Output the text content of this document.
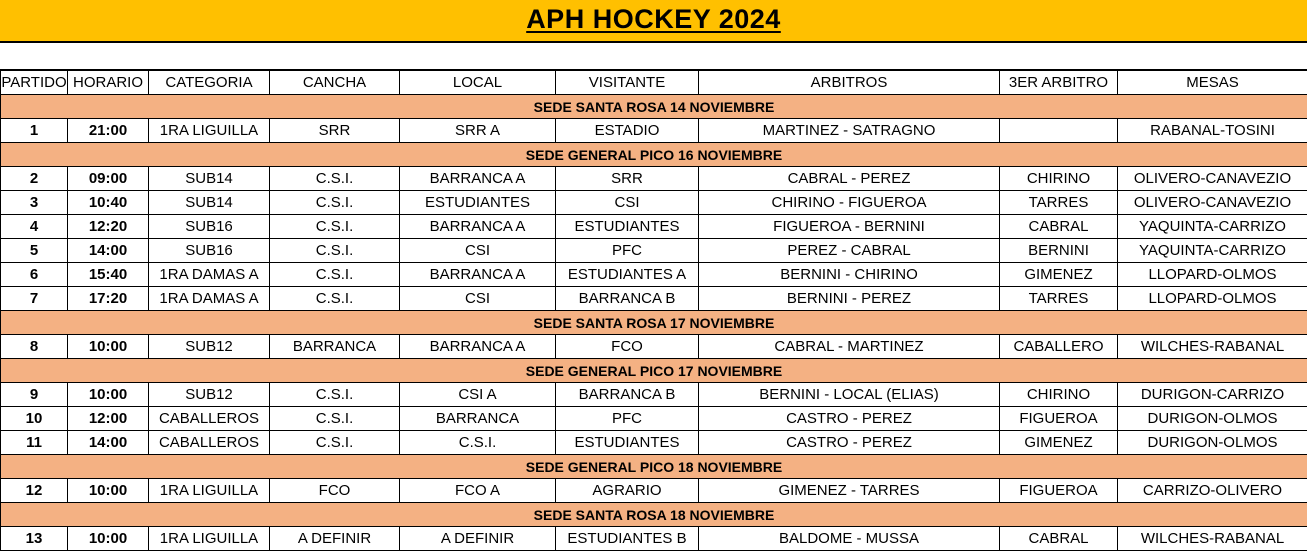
APH HOCKEY 2024
PARTIDO	HORARIO	CATEGORIA	CANCHA	LOCAL	VISITANTE	ARBITROS	3ER ARBITRO	MESAS
SEDE SANTA ROSA 14 NOVIEMBRE								
1	21:00	1RA LIGUILLA	SRR	SRR A	ESTADIO	MARTINEZ - SATRAGNO		RABANAL-TOSINI
SEDE GENERAL PICO 16 NOVIEMBRE								
2	09:00	SUB14	C.S.I.	BARRANCA A	SRR	CABRAL - PEREZ	CHIRINO	OLIVERO-CANAVEZIO
3	10:40	SUB14	C.S.I.	ESTUDIANTES	CSI	CHIRINO - FIGUEROA	TARRES	OLIVERO-CANAVEZIO
4	12:20	SUB16	C.S.I.	BARRANCA A	ESTUDIANTES	FIGUEROA - BERNINI	CABRAL	YAQUINTA-CARRIZO
5	14:00	SUB16	C.S.I.	CSI	PFC	PEREZ - CABRAL	BERNINI	YAQUINTA-CARRIZO
6	15:40	1RA DAMAS A	C.S.I.	BARRANCA A	ESTUDIANTES A	BERNINI - CHIRINO	GIMENEZ	LLOPARD-OLMOS
7	17:20	1RA DAMAS A	C.S.I.	CSI	BARRANCA B	BERNINI - PEREZ	TARRES	LLOPARD-OLMOS
SEDE SANTA ROSA 17 NOVIEMBRE								
8	10:00	SUB12	BARRANCA	BARRANCA A	FCO	CABRAL - MARTINEZ	CABALLERO	WILCHES-RABANAL
SEDE GENERAL PICO 17 NOVIEMBRE								
9	10:00	SUB12	C.S.I.	CSI A	BARRANCA B	BERNINI - LOCAL (ELIAS)	CHIRINO	DURIGON-CARRIZO
10	12:00	CABALLEROS	C.S.I.	BARRANCA	PFC	CASTRO - PEREZ	FIGUEROA	DURIGON-OLMOS
11	14:00	CABALLEROS	C.S.I.	C.S.I.	ESTUDIANTES	CASTRO - PEREZ	GIMENEZ	DURIGON-OLMOS
SEDE GENERAL PICO 18 NOVIEMBRE								
12	10:00	1RA LIGUILLA	FCO	FCO A	AGRARIO	GIMENEZ - TARRES	FIGUEROA	CARRIZO-OLIVERO
SEDE SANTA ROSA 18 NOVIEMBRE								
13	10:00	1RA LIGUILLA	A DEFINIR	A DEFINIR	ESTUDIANTES B	BALDOME - MUSSA	CABRAL	WILCHES-RABANAL
